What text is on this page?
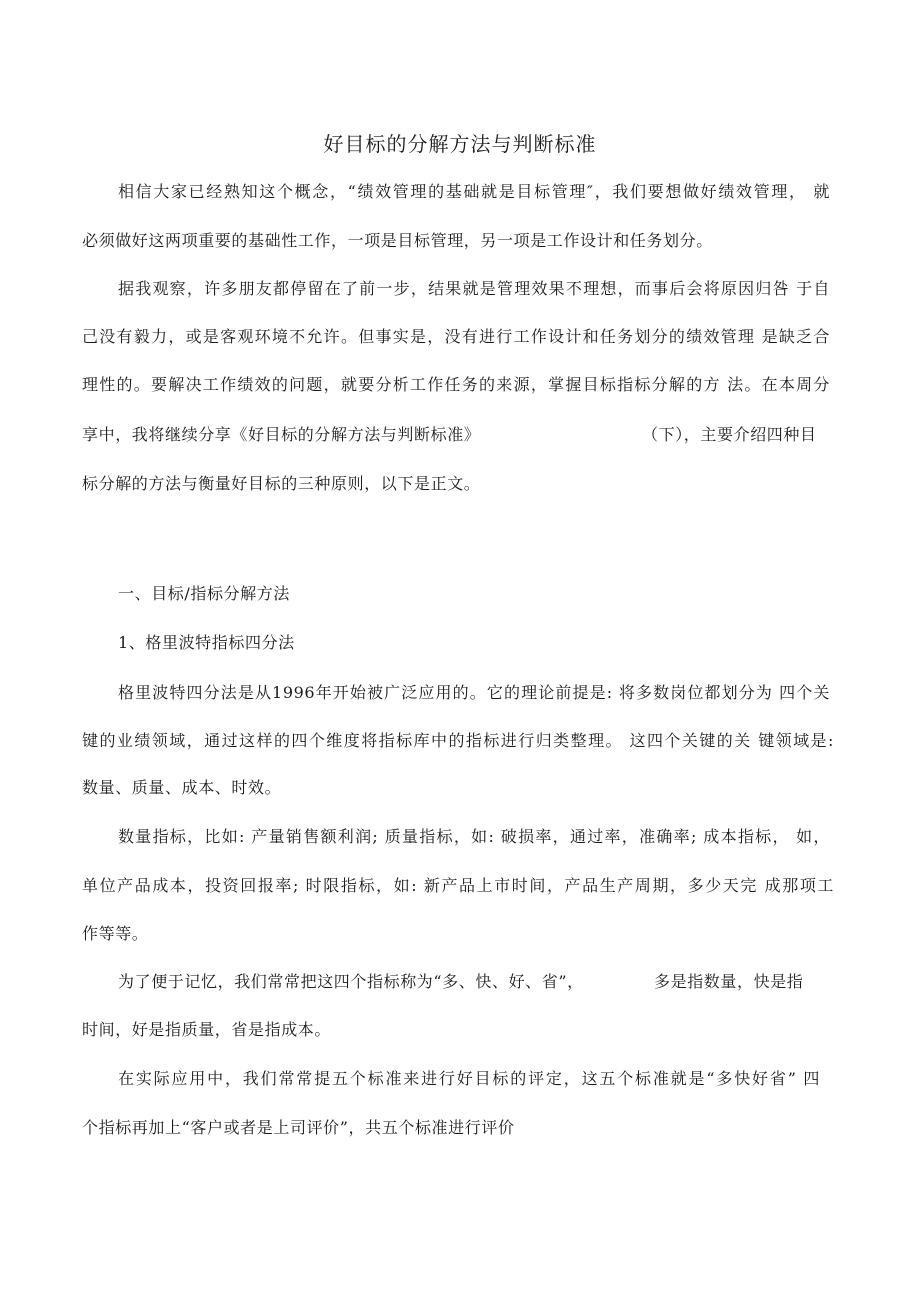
好目标的分解方法与判断标准
相信大家已经熟知这个概念，“绩效管理的基础就是目标管理″，我们要想做好绩效管理， 就
必须做好这两项重要的基础性工作，一项是目标管理，另一项是工作设计和任务划分。
据我观察，许多朋友都停留在了前一步，结果就是管理效果不理想，而事后会将原因归咎 于自
己没有毅力，或是客观环境不允许。但事实是，没有进行工作设计和任务划分的绩效管理 是缺乏合
理性的。要解决工作绩效的问题，就要分析工作任务的来源，掌握目标指标分解的方 法。在本周分
享中，我将继续分享《好目标的分解方法与判断标准》	（下），主要介绍四种目
标分解的方法与衡量好目标的三种原则，以下是正文。
一、目标/指标分解方法
1、格里波特指标四分法
格里波特四分法是从1996年开始被广泛应用的。它的理论前提是: 将多数岗位都划分为 四个关
键的业绩领域，通过这样的四个维度将指标库中的指标进行归类整理。 这四个关键的关 键领域是:
数量、质量、成本、时效。
数量指标，比如: 产量销售额利润; 质量指标，如: 破损率，通过率，准确率; 成本指标， 如，
单位产品成本，投资回报率; 时限指标，如: 新产品上市时间，产品生产周期，多少天完 成那项工
作等等。
为了便于记忆，我们常常把这四个指标称为“多、快、好、省”，	多是指数量，快是指
时间，好是指质量，省是指成本。
在实际应用中，我们常常提五个标准来进行好目标的评定，这五个标准就是“多快好省” 四
个指标再加上“客户或者是上司评价”，共五个标准进行评价
